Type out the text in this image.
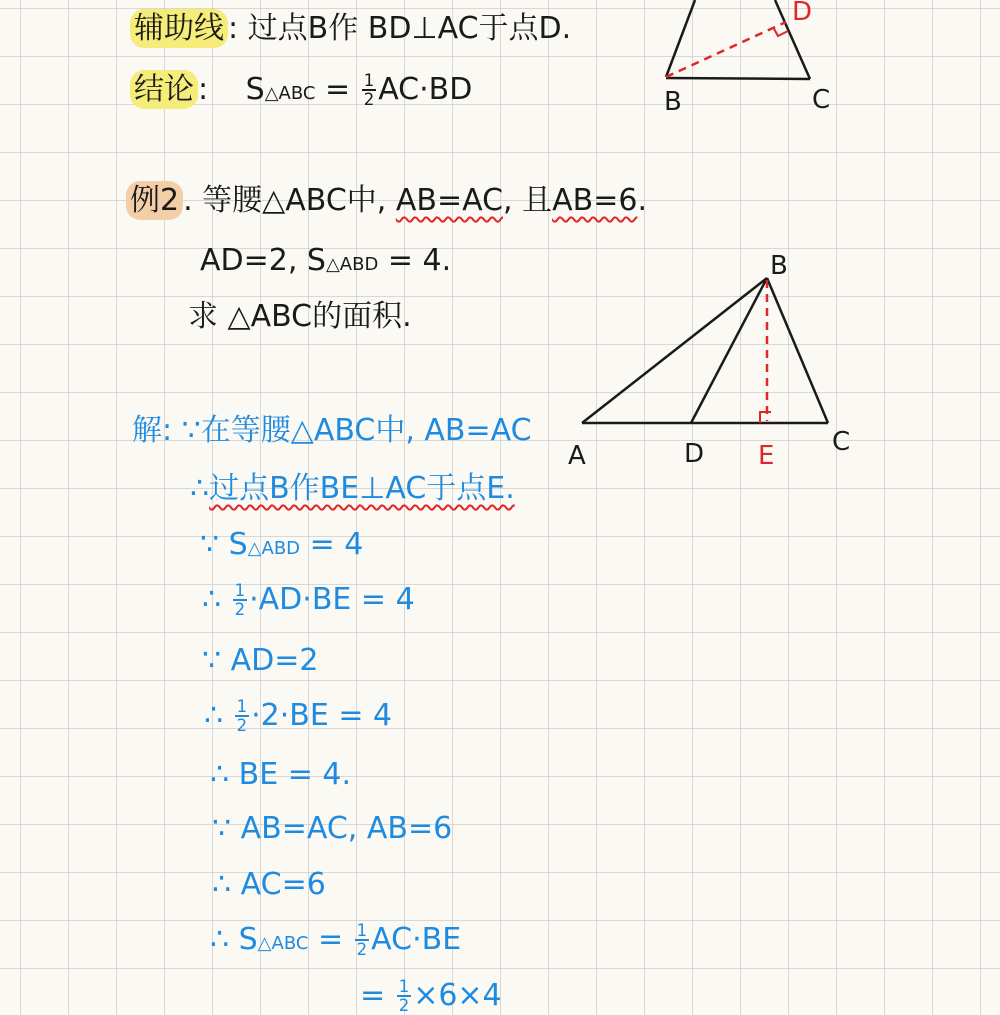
辅助线 : 过点B作 BD⊥AC于点D.
结论 : S△ABC = $\frac{1}{2} AC\cdot BD$	B	C
D
例2 . 等腰△ABC中, AB=AC, 且AB=6.
AD=2, S△ABD = 4.
求 △ABC的面积.
A
B
C
D E
解: ∵在等腰△ABC中, AB=AC
∴过点B作BE⊥AC于点E.
∵ S△ABD = 4
∴ $\frac{1}{2} \cdot AD\cdot BE = 4$
∵ AD=2
∴ $\frac{1}{2} \cdot 2\cdot BE = 4$
∴ BE = 4.
∵ AB=AC, AB=6
∴ AC=6
∴ S△ABC = $\frac{1}{2} AC\cdot BE$
= $\frac{1}{2} \times 6\times 4$
